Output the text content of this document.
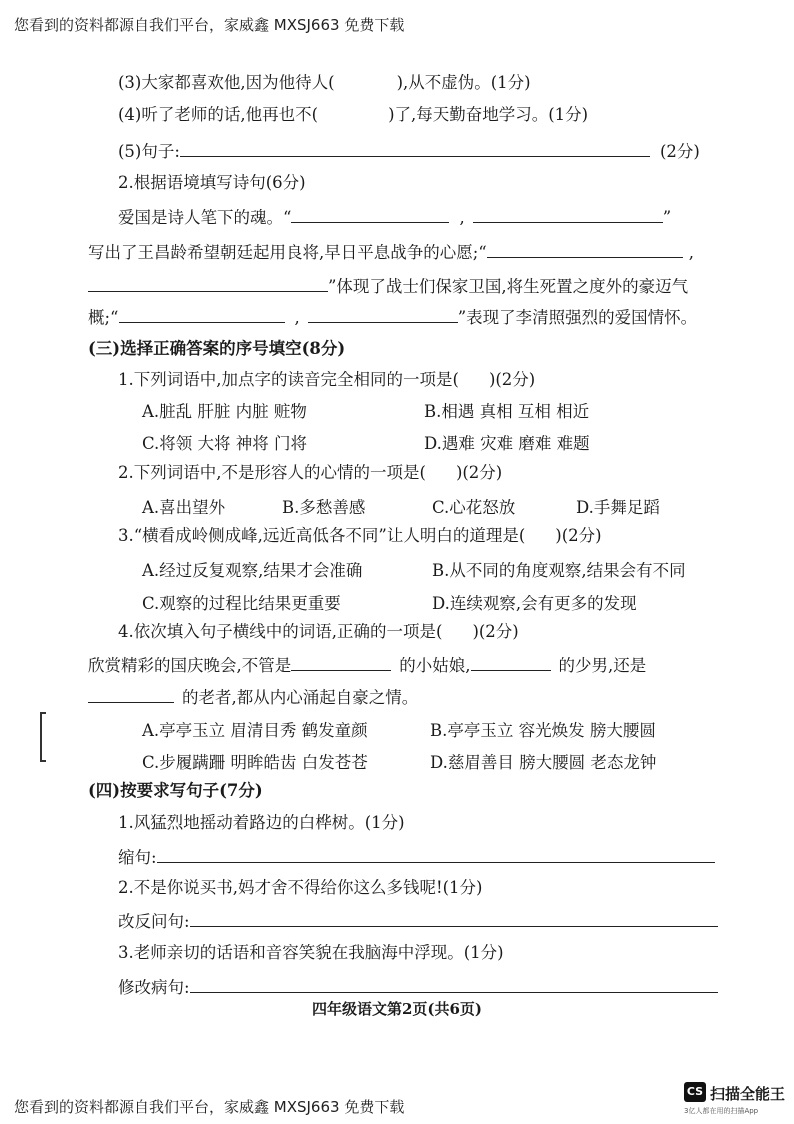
您看到的资料都源自我们平台，家威鑫 MXSJ663 免费下载
(3)大家都喜欢他,因为他待人(	),从不虚伪。(1分)
(4)听了老师的话,他再也不(	)了,每天勤奋地学习。(1分)
(5)句子:	(2分)
2.根据语境填写诗句(6分)
爱国是诗人笔下的魂。“	,	”
写出了王昌龄希望朝廷起用良将,早日平息战争的心愿;“	,
”体现了战士们保家卫国,将生死置之度外的豪迈气
概;“	,	”表现了李清照强烈的爱国情怀。
(三)选择正确答案的序号填空(8分)
1.下列词语中,加点字的读音完全相同的一项是( )(2分)
A.脏乱 肝脏 内脏 赃物	B.相遇 真相 互相 相近
C.将领 大将 神将 门将	D.遇难 灾难 磨难 难题
2.下列词语中,不是形容人的心情的一项是( )(2分)
A.喜出望外	B.多愁善感	C.心花怒放	D.手舞足蹈
3.“横看成岭侧成峰,远近高低各不同”让人明白的道理是( )(2分)
A.经过反复观察,结果才会准确	B.从不同的角度观察,结果会有不同
C.观察的过程比结果更重要	D.连续观察,会有更多的发现
4.依次填入句子横线中的词语,正确的一项是( )(2分)
欣赏精彩的国庆晚会,不管是	的小姑娘,	的少男,还是
的老者,都从内心涌起自豪之情。
A.亭亭玉立 眉清目秀 鹤发童颜	B.亭亭玉立 容光焕发 膀大腰圆
C.步履蹒跚 明眸皓齿 白发苍苍	D.慈眉善目 膀大腰圆 老态龙钟
(四)按要求写句子(7分)
1.风猛烈地摇动着路边的白桦树。(1分)
缩句:
2.不是你说买书,妈才舍不得给你这么多钱呢!(1分)
改反问句:
3.老师亲切的话语和音容笑貌在我脑海中浮现。(1分)
修改病句:
四年级语文第2页(共6页)
您看到的资料都源自我们平台，家威鑫 MXSJ663 免费下载
CS 扫描全能王
3亿人都在用的扫描App
